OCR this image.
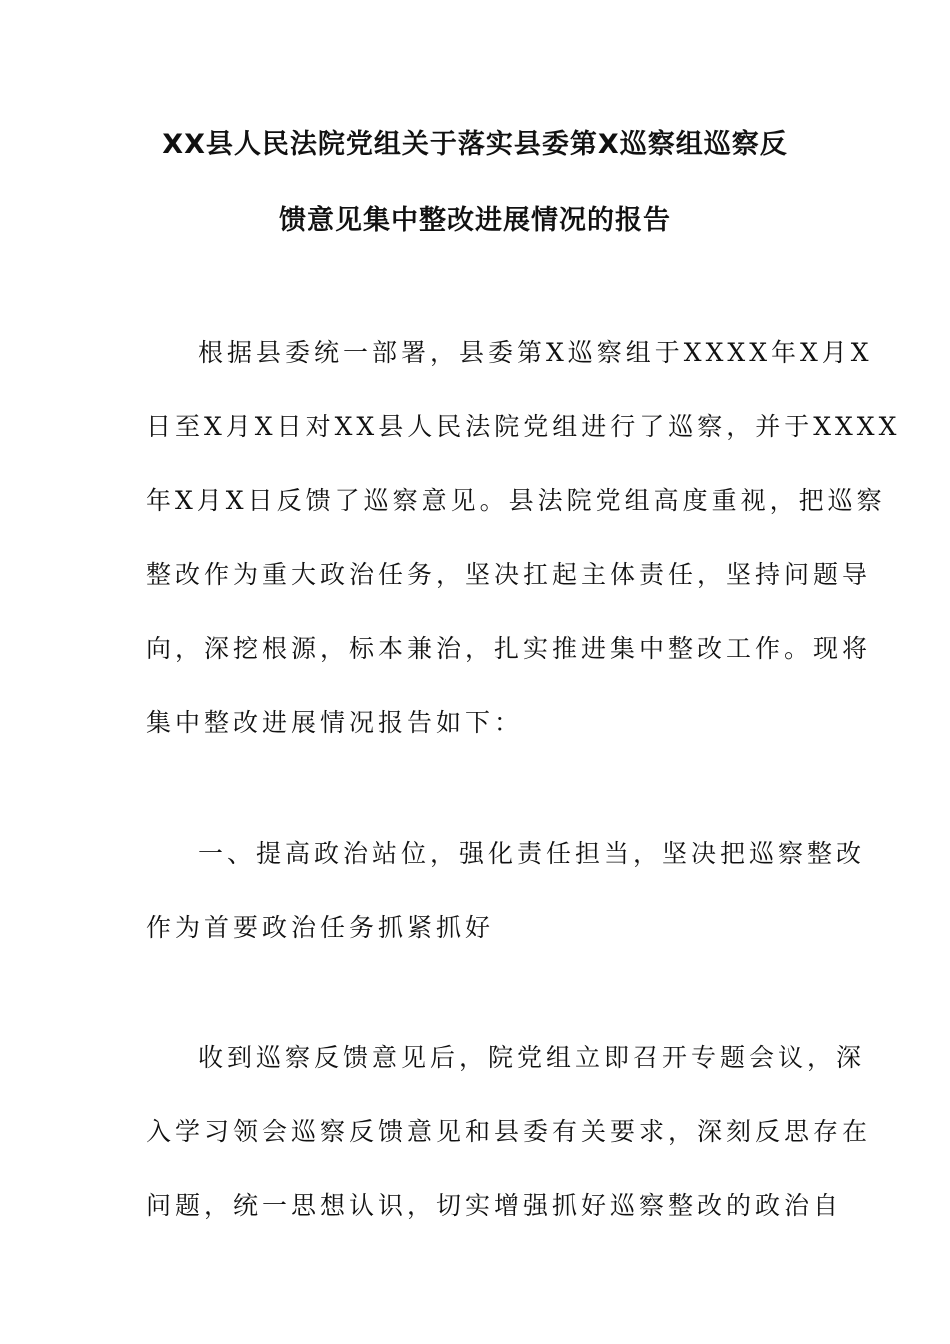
XX县人民法院党组关于落实县委第X巡察组巡察反
馈意见集中整改进展情况的报告
根据县委统一部署，县委第X巡察组于XXXX年X月X
日至X月X日对XX县人民法院党组进行了巡察，并于XXXX
年X月X日反馈了巡察意见。县法院党组高度重视，把巡察
整改作为重大政治任务，坚决扛起主体责任，坚持问题导
向，深挖根源，标本兼治，扎实推进集中整改工作。现将
集中整改进展情况报告如下：
一、提高政治站位，强化责任担当，坚决把巡察整改
作为首要政治任务抓紧抓好
收到巡察反馈意见后，院党组立即召开专题会议，深
入学习领会巡察反馈意见和县委有关要求，深刻反思存在
问题，统一思想认识，切实增强抓好巡察整改的政治自
